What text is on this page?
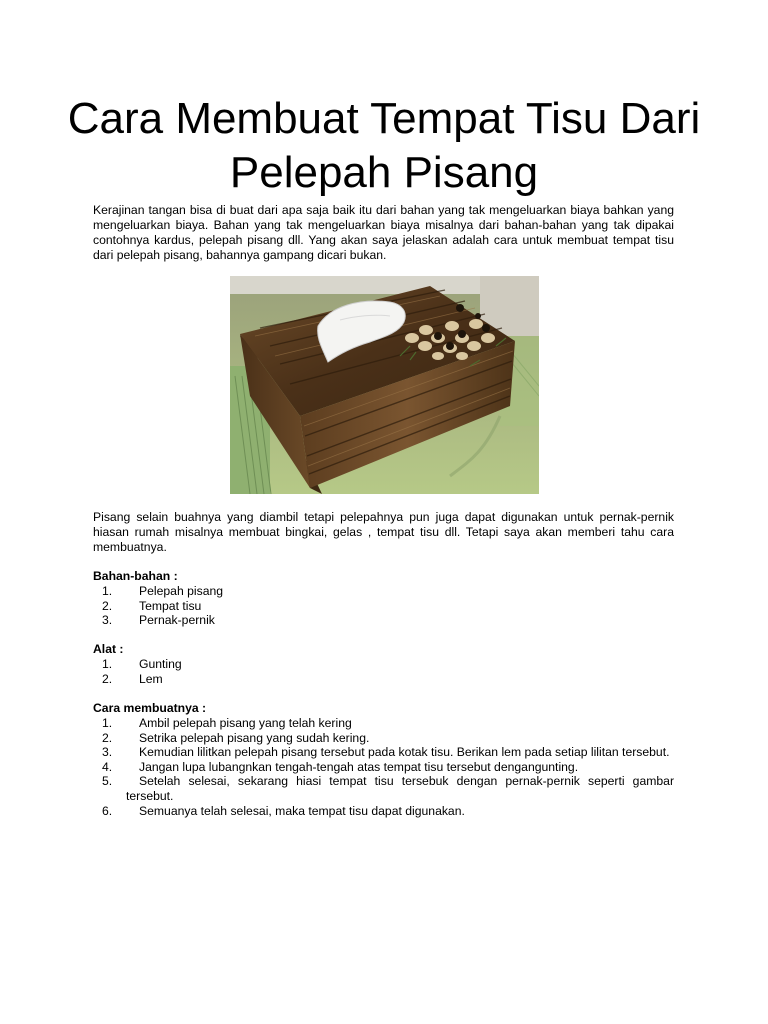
Cara Membuat Tempat Tisu Dari Pelepah Pisang

Kerajinan tangan bisa di buat dari apa saja baik itu dari bahan yang tak mengeluarkan biaya bahkan yang mengeluarkan biaya. Bahan yang tak mengeluarkan biaya misalnya dari bahan-bahan yang tak dipakai contohnya kardus, pelepah pisang dll. Yang akan saya jelaskan adalah cara untuk membuat tempat tisu dari pelepah pisang, bahannya gampang dicari bukan.

Pisang selain buahnya yang diambil tetapi pelepahnya pun juga dapat digunakan untuk pernak-pernik hiasan rumah misalnya membuat bingkai, gelas , tempat tisu dll. Tetapi saya akan memberi tahu cara membuatnya.

Bahan-bahan :
1. Pelepah pisang
2. Tempat tisu
3. Pernak-pernik
Alat :
1. Gunting
2. Lem
Cara membuatnya :
1. Ambil pelepah pisang yang telah kering
2. Setrika pelepah pisang yang sudah kering.
3.	Kemudian lilitkan pelepah pisang tersebut pada kotak tisu. Berikan lem pada setiap lilitan tersebut.
4. Jangan lupa lubangnkan tengah-tengah atas tempat tisu tersebut dengangunting.
5.	Setelah selesai, sekarang hiasi tempat tisu tersebuk dengan pernak-pernik seperti gambar tersebut.
6. Semuanya telah selesai, maka tempat tisu dapat digunakan.
